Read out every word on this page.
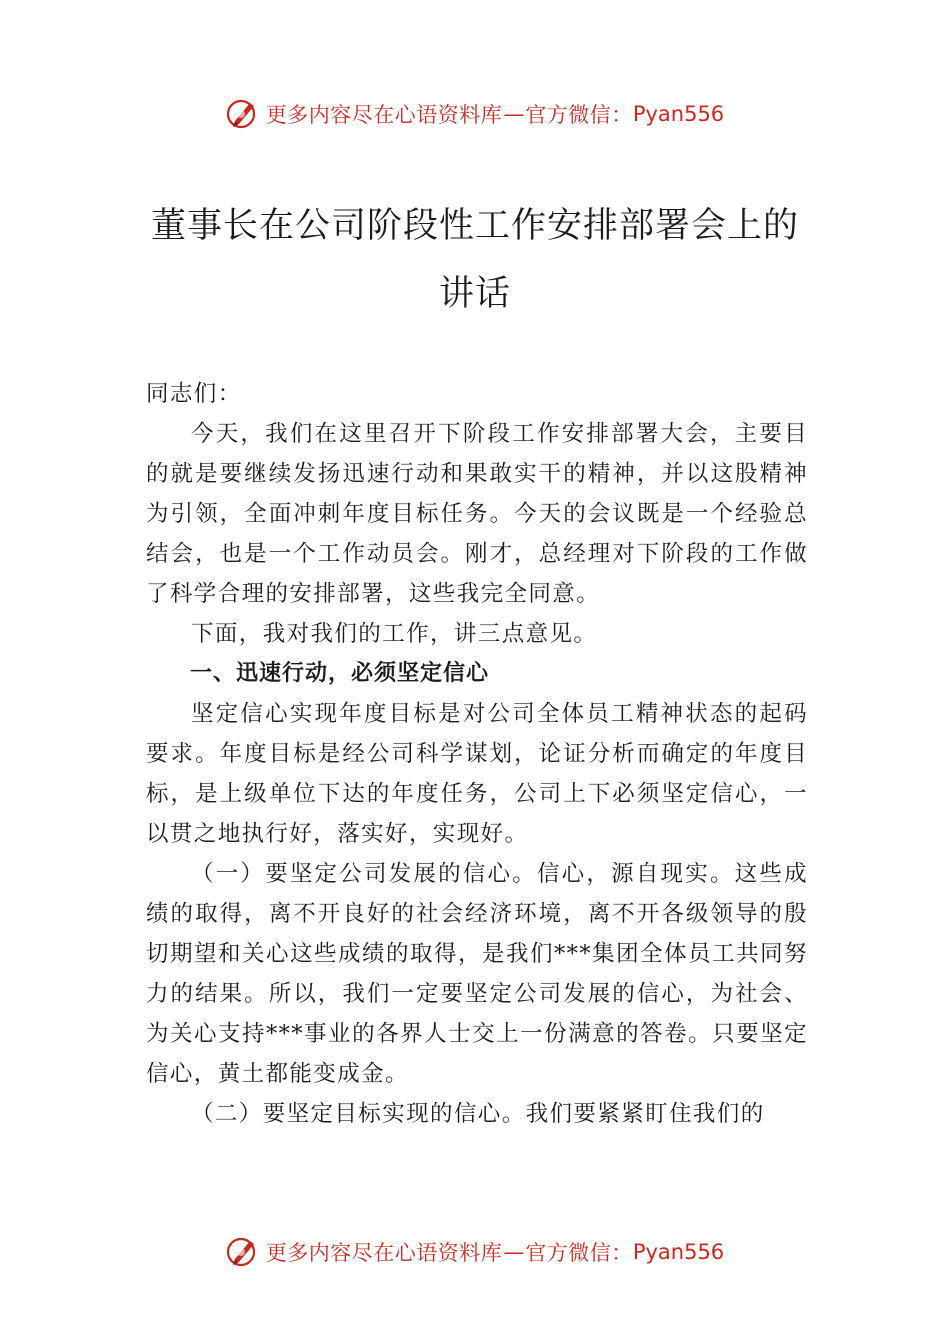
更多内容尽在心语资料库 — 官方微信： Pyan556
董事长在公司阶段性工作安排部署会上的
讲话

同志们：

今天，我们在这里召开下阶段工作安排部署大会，主要目的就是要继续发扬迅速行动和果敢实干的精神，并以这股精神为引领，全面冲刺年度目标任务。今天的会议既是一个经验总结会，也是一个工作动员会。刚才，总经理对下阶段的工作做了科学合理的安排部署，这些我完全同意。

下面，我对我们的工作，讲三点意见。

一、迅速行动，必须坚定信心

坚定信心实现年度目标是对公司全体员工精神状态的起码要求。年度目标是经公司科学谋划，论证分析而确定的年度目标，是上级单位下达的年度任务，公司上下必须坚定信心，一以贯之地执行好，落实好，实现好。

（一）要坚定公司发展的信心。信心，源自现实。这些成绩的取得，离不开良好的社会经济环境，离不开各级领导的殷切期望和关心这些成绩的取得，是我们***集团全体员工共同努力的结果。所以，我们一定要坚定公司发展的信心，为社会、为关心支持***事业的各界人士交上一份满意的答卷。只要坚定信心，黄土都能变成金。

（二）要坚定目标实现的信心。我们要紧紧盯住我们的

更多内容尽在心语资料库 — 官方微信： Pyan556
